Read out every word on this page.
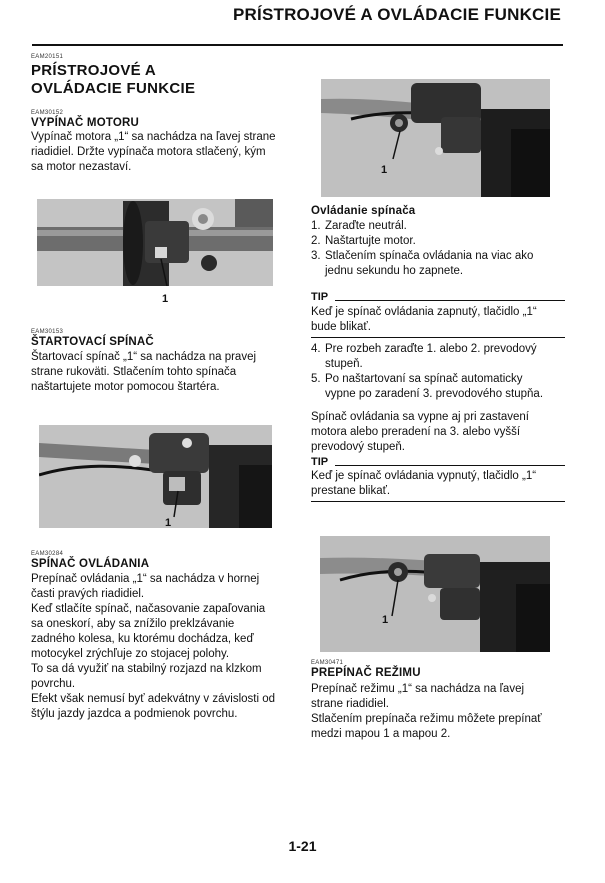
PRÍSTROJOVÉ A OVLÁDACIE FUNKCIE
EAM20151
PRÍSTROJOVÉ A
OVLÁDACIE FUNKCIE
EAM30152
VYPÍNAČ MOTORU
Vypínač motora „1“ sa nachádza na ľavej strane
riadidiel. Držte vypínača motora stlačený, kým
sa motor nezastaví.
1
EAM30153
ŠTARTOVACÍ SPÍNAČ
Štartovací spínač „1“ sa nachádza na pravej
strane rukoväti. Stlačením tohto spínača
naštartujete motor pomocou štartéra.
1
EAM30284
SPÍNAČ OVLÁDANIA
Prepínač ovládania „1“ sa nachádza v hornej
časti pravých riadidiel.
Keď stlačíte spínač, načasovanie zapaľovania
sa oneskorí, aby sa znížilo preklzávanie
zadného kolesa, ku ktorému dochádza, keď
motocykel zrýchľuje zo stojacej polohy.
To sa dá využiť na stabilný rozjazd na klzkom
povrchu.
Efekt však nemusí byť adekvátny v závislosti od
štýlu jazdy jazdca a podmienok povrchu.
1
Ovládanie spínača
1. Zaraďte neutrál.
2. Naštartujte motor.
3. Stlačením spínača ovládania na viac ako
jednu sekundu ho zapnete.
TIP
Keď je spínač ovládania zapnutý, tlačidlo „1“
bude blikať.
4. Pre rozbeh zaraďte 1. alebo 2. prevodový
stupeň.
5. Po naštartovaní sa spínač automaticky
vypne po zaradení 3. prevodového stupňa.
Spínač ovládania sa vypne aj pri zastavení
motora alebo preradení na 3. alebo vyšší
prevodový stupeň.
TIP
Keď je spínač ovládania vypnutý, tlačidlo „1“
prestane blikať.
1
EAM30471
PREPÍNAČ REŽIMU
Prepínač režimu „1“ sa nachádza na ľavej
strane riadidiel.
Stlačením prepínača režimu môžete prepínať
medzi mapou 1 a mapou 2.
1-21
